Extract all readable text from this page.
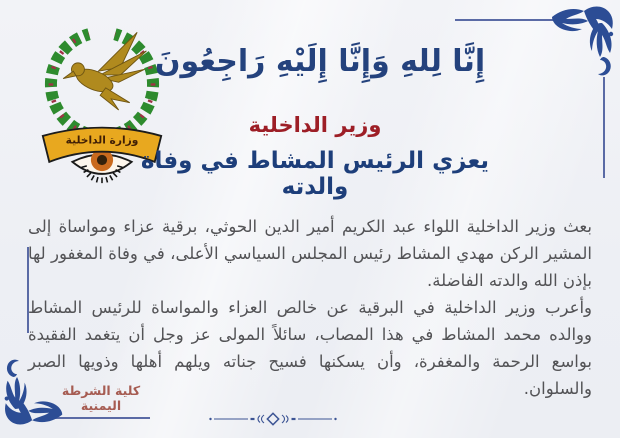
وزارة الداخلية
إِنَّا لِلهِ وَإِنَّا إِلَيْهِ رَاجِعُونَ
وزير الداخلية
يعزي الرئيس المشاط في وفاة والدته

بعث وزير الداخلية اللواء عبد الكريم أمير الدين الحوثي، برقية عزاء ومواساة إلى المشير الركن مهدي المشاط رئيس المجلس السياسي الأعلى، في وفاة المغفور لها بإذن الله والدته الفاضلة.

وأعرب وزير الداخلية في البرقية عن خالص العزاء والمواساة للرئيس المشاط ووالده محمد المشاط في هذا المصاب، سائلاً المولى عز وجل أن يتغمد الفقيدة بواسع الرحمة والمغفرة، وأن يسكنها فسيح جناته ويلهم أهلها وذويها الصبر والسلوان.

كلية الشرطة اليمنية
